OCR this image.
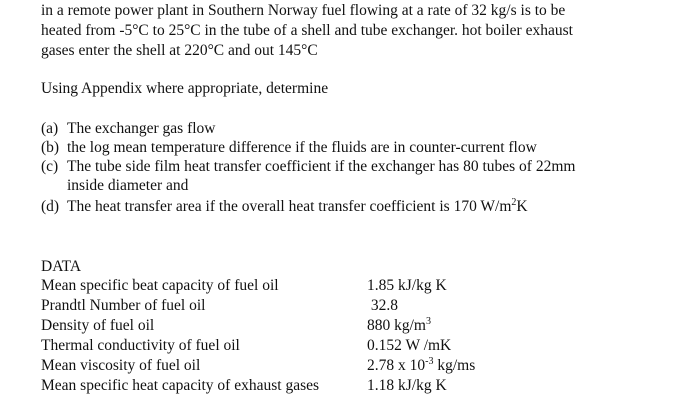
in a remote power plant in Southern Norway fuel flowing at a rate of 32 kg/s is to be
heated from -5°C to 25°C in the tube of a shell and tube exchanger. hot boiler exhaust
gases enter the shell at 220°C and out 145°C
Using Appendix where appropriate, determine
(a) The exchanger gas flow
(b) the log mean temperature difference if the fluids are in counter-current flow
(c) The tube side film heat transfer coefficient if the exchanger has 80 tubes of 22mm
inside diameter and
(d) The heat transfer area if the overall heat transfer coefficient is 170 $W/m^2K$
DATA
Mean specific beat capacity of fuel oil	1.85 kJ/kg K
Prandtl Number of fuel oil	32.8
Density of fuel oil	880 $kg/m^3$
Thermal conductivity of fuel oil	0.152 W /mK
Mean viscosity of fuel oil	2.78 x $10^{-3}$ kg/ms
Mean specific heat capacity of exhaust gases	1.18 kJ/kg K
